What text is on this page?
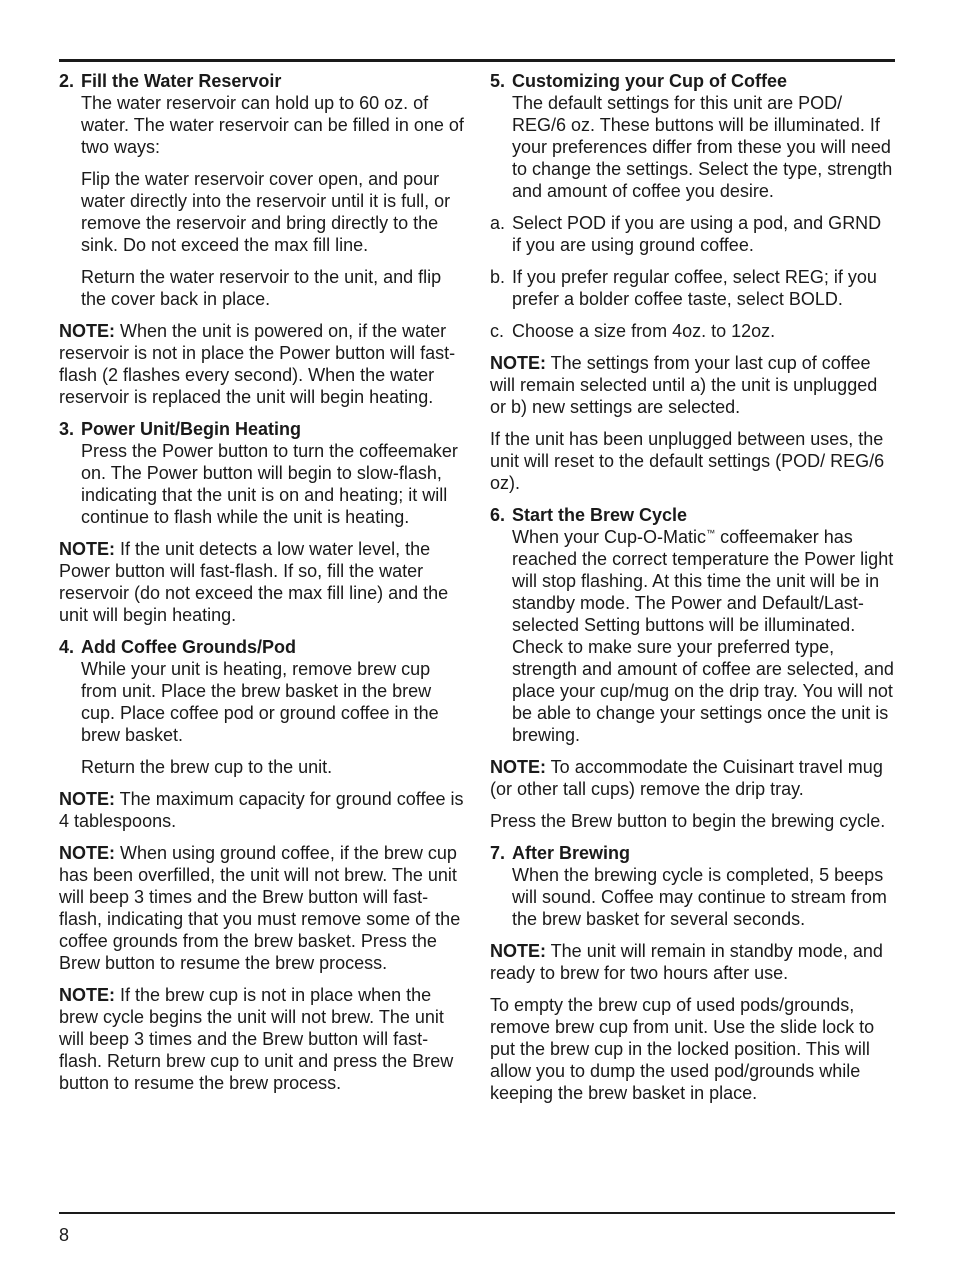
2. Fill the Water Reservoir

The water reservoir can hold up to 60 oz. of water. The water reservoir can be filled in one of two ways:

Flip the water reservoir cover open, and pour water directly into the reservoir until it is full, or remove the reservoir and bring directly to the sink. Do not exceed the max fill line.

Return the water reservoir to the unit, and flip the cover back in place.

NOTE: When the unit is powered on, if the water reservoir is not in place the Power button will fast-flash (2 flashes every second). When the water reservoir is replaced the unit will begin heating.

3. Power Unit/Begin Heating

Press the Power button to turn the coffeemaker on. The Power button will begin to slow-flash, indicating that the unit is on and heating; it will continue to flash while the unit is heating.

NOTE: If the unit detects a low water level, the Power button will fast-flash. If so, fill the water reservoir (do not exceed the max fill line) and the unit will begin heating.

4. Add Coffee Grounds/Pod

While your unit is heating, remove brew cup from unit. Place the brew basket in the brew cup. Place coffee pod or ground coffee in the brew basket.

Return the brew cup to the unit.

NOTE: The maximum capacity for ground coffee is 4 tablespoons.

NOTE: When using ground coffee, if the brew cup has been overfilled, the unit will not brew. The unit will beep 3 times and the Brew button will fast-flash, indicating that you must remove some of the coffee grounds from the brew basket. Press the Brew button to resume the brew process.

NOTE: If the brew cup is not in place when the brew cycle begins the unit will not brew. The unit will beep 3 times and the Brew button will fast-flash. Return brew cup to unit and press the Brew button to resume the brew process.

5. Customizing your Cup of Coffee

The default settings for this unit are POD/ REG/6 oz. These buttons will be illuminated. If your preferences differ from these you will need to change the settings. Select the type, strength and amount of coffee you desire.

a. Select POD if you are using a pod, and GRND if you are using ground coffee.

b. If you prefer regular coffee, select REG; if you prefer a bolder coffee taste, select BOLD.

c. Choose a size from 4oz. to 12oz.

NOTE: The settings from your last cup of coffee will remain selected until a) the unit is unplugged or b) new settings are selected.

If the unit has been unplugged between uses, the unit will reset to the default settings (POD/ REG/6 oz).

6. Start the Brew Cycle

When your Cup-O-Matic™ coffeemaker has reached the correct temperature the Power light will stop flashing. At this time the unit will be in standby mode. The Power and Default/Last-selected Setting buttons will be illuminated. Check to make sure your preferred type, strength and amount of coffee are selected, and place your cup/mug on the drip tray. You will not be able to change your settings once the unit is brewing.

NOTE: To accommodate the Cuisinart travel mug (or other tall cups) remove the drip tray.

Press the Brew button to begin the brewing cycle.

7. After Brewing

When the brewing cycle is completed, 5 beeps will sound. Coffee may continue to stream from the brew basket for several seconds.

NOTE: The unit will remain in standby mode, and ready to brew for two hours after use.

To empty the brew cup of used pods/grounds, remove brew cup from unit. Use the slide lock to put the brew cup in the locked position. This will allow you to dump the used pod/grounds while keeping the brew basket in place.

8
